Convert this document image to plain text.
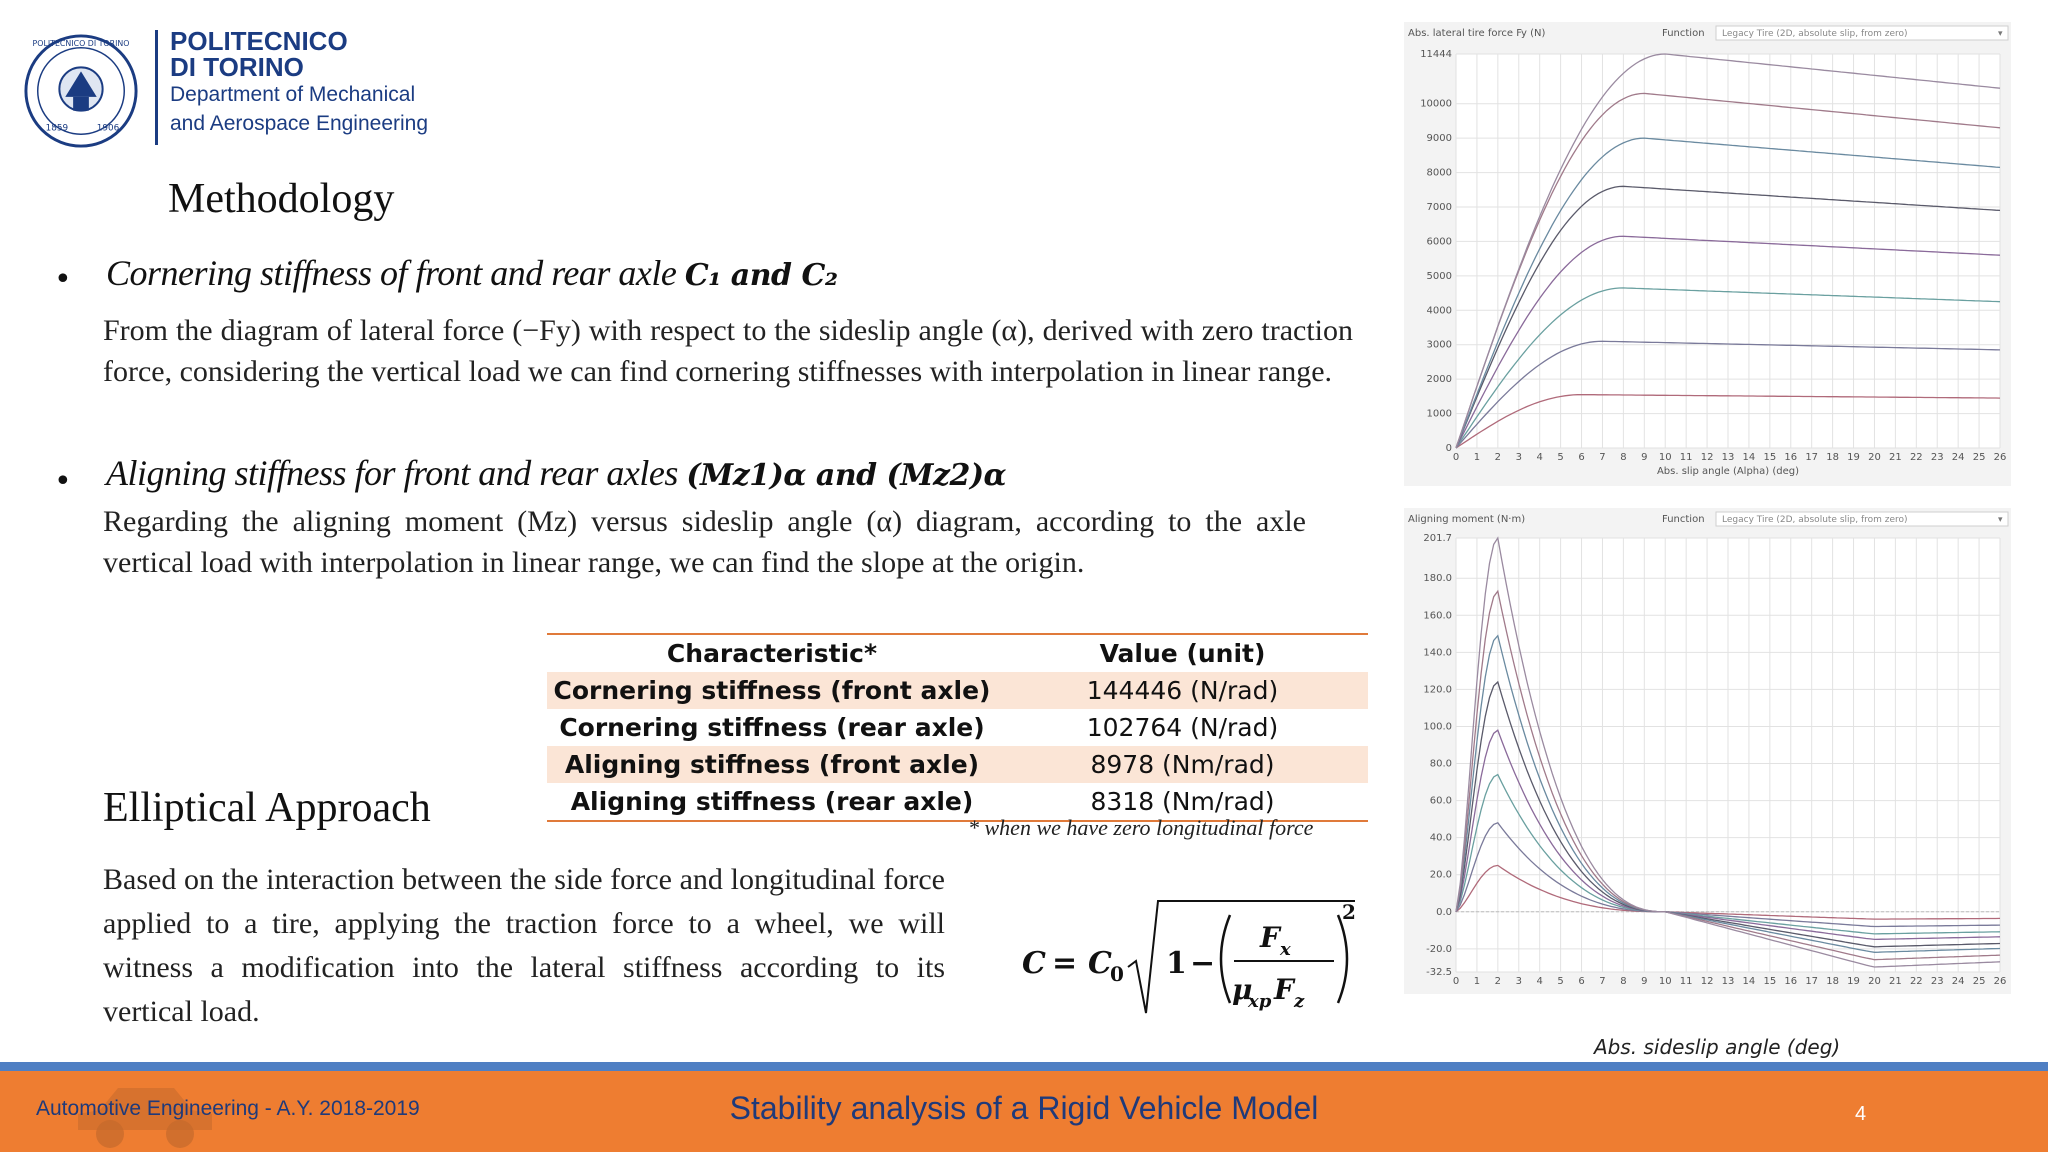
POLITECNICO DI TORINO
1859	1906
POLITECNICO
DI TORINO
Department of Mechanical
and Aerospace Engineering
Methodology
• Cornering stiffness of front and rear axle C₁ and C₂
From the diagram of lateral force (−Fy) with respect to the sideslip angle (α), derived with zero traction force, considering the vertical load we can find cornering stiffnesses with interpolation in linear range.
• Aligning stiffness for front and rear axles (Mz1)α and (Mz2)α
Regarding the aligning moment (Mz) versus sideslip angle (α) diagram, according to the axle vertical load with interpolation in linear range, we can find the slope at the origin.
Characteristic*	Value (unit)
Cornering stiffness (front axle)	144446 (N/rad)
Cornering stiffness (rear axle)	102764 (N/rad)
Aligning stiffness (front axle)	8978 (Nm/rad)
Aligning stiffness (rear axle)	8318 (Nm/rad)
* when we have zero longitudinal force
Elliptical Approach
Based on the interaction between the side force and longitudinal force applied to a tire, applying the traction force to a wheel, we will witness a modification into the lateral stiffness according to its vertical load.
C = C
0 1 −
F x
μ
xp F z
2
Abs. lateral tire force Fy (N)	Function Legacy Tire (2D, absolute slip, from zero)	▾
0 1 2 3 4 5 6 7 8 9 10 11 12 13 14 15 16 17 18 19 20 21 22 23 24 25 26
0
1000
2000
3000
4000
5000
6000
7000
8000
9000
10000
11444
Abs. slip angle (Alpha) (deg)
Aligning moment (N·m)	Function Legacy Tire (2D, absolute slip, from zero)	▾
0 1 2 3 4 5 6 7 8 9 10 11 12 13 14 15 16 17 18 19 20 21 22 23 24 25 26
-32.5
-20.0
0.0
20.0
40.0
60.0
80.0
100.0
120.0
140.0
160.0
180.0
201.7
Abs. sideslip angle (deg)
Automotive Engineering - A.Y. 2018-2019	Stability analysis of a Rigid Vehicle Model	4
